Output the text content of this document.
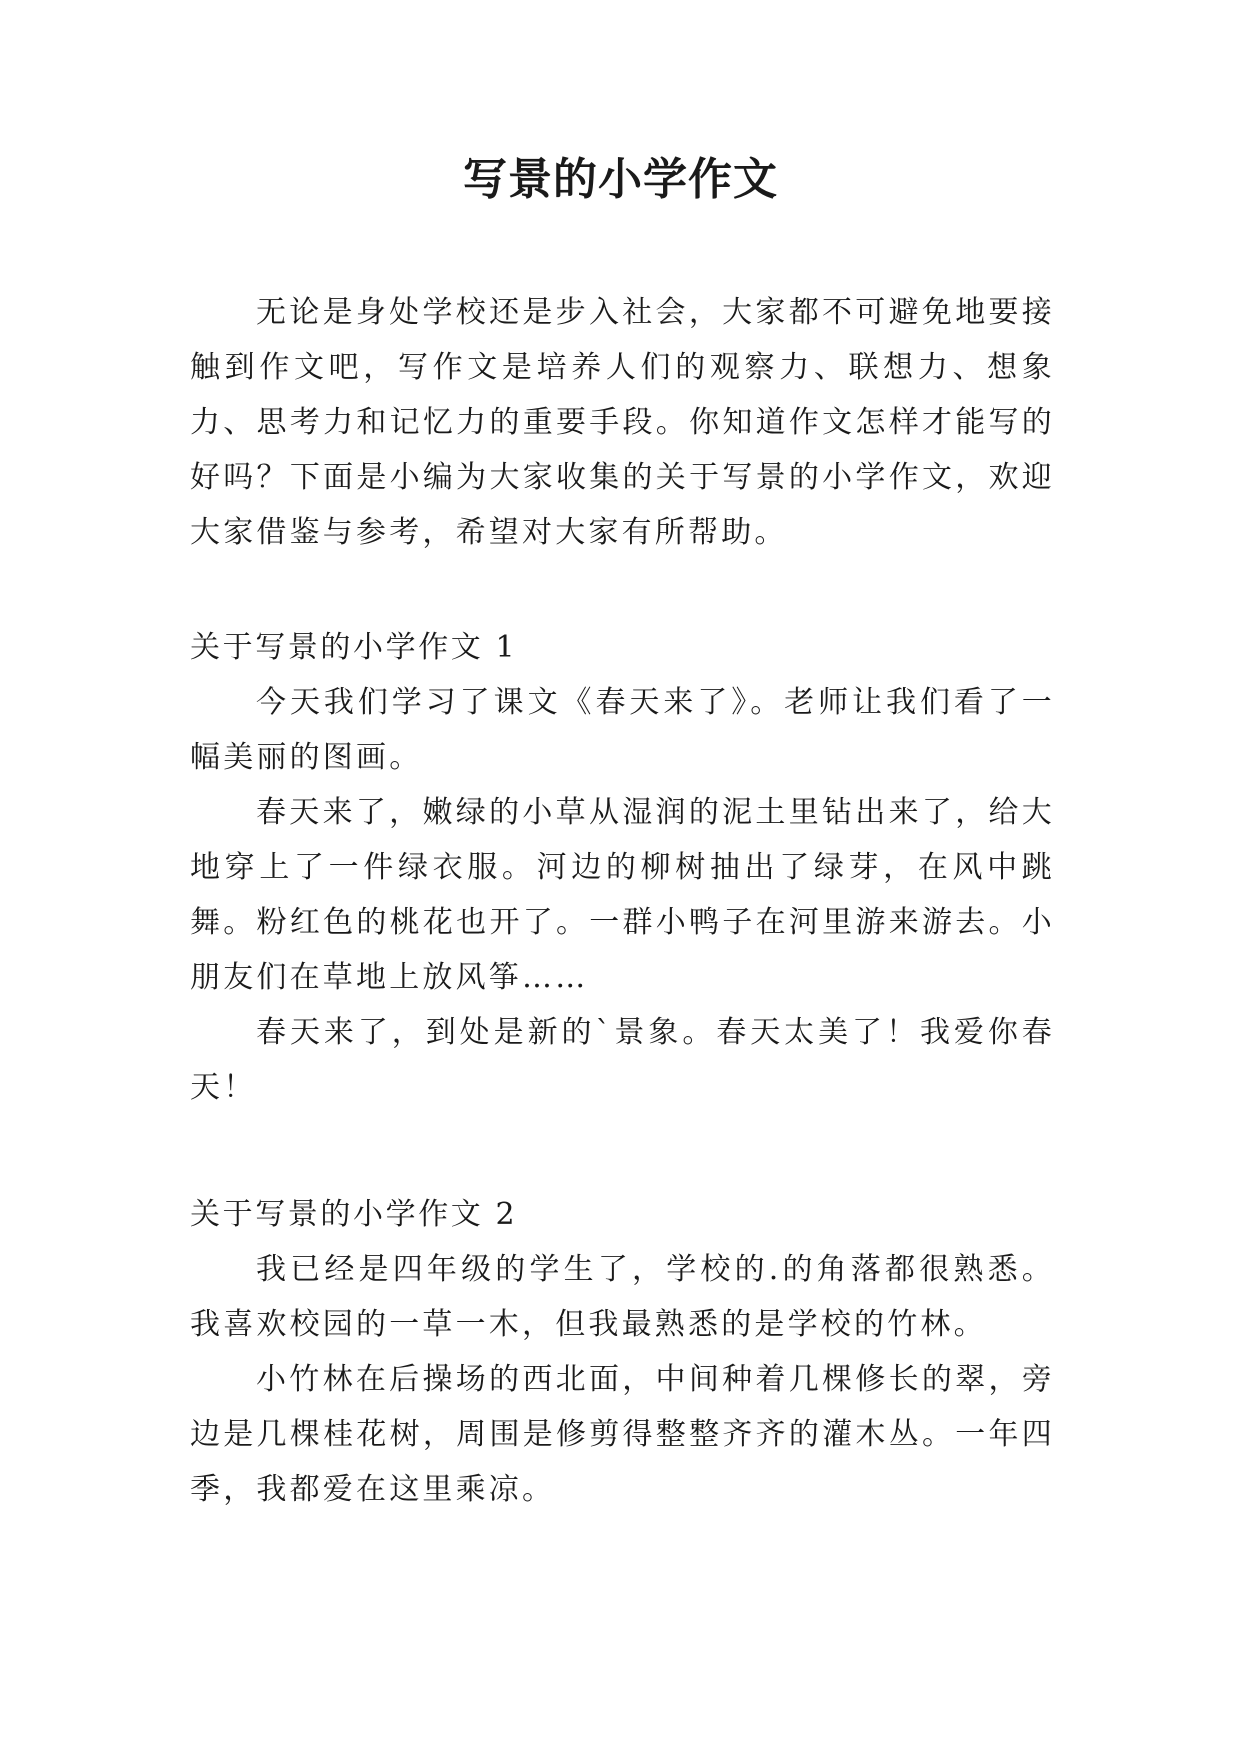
写景的小学作文

无论是身处学校还是步入社会，大家都不可避免地要接触到作文吧，写作文是培养人们的观察力、联想力、想象力、思考力和记忆力的重要手段。你知道作文怎样才能写的好吗？下面是小编为大家收集的关于写景的小学作文，欢迎大家借鉴与参考，希望对大家有所帮助。

关于写景的小学作文 1

今天我们学习了课文《春天来了》。老师让我们看了一幅美丽的图画。

春天来了，嫩绿的小草从湿润的泥土里钻出来了，给大地穿上了一件绿衣服。河边的柳树抽出了绿芽，在风中跳舞。粉红色的桃花也开了。一群小鸭子在河里游来游去。小朋友们在草地上放风筝……

春天来了，到处是新的`景象。春天太美了！我爱你春天！

关于写景的小学作文 2

我已经是四年级的学生了，学校的.的角落都很熟悉。我喜欢校园的一草一木，但我最熟悉的是学校的竹林。

小竹林在后操场的西北面，中间种着几棵修长的翠，旁边是几棵桂花树，周围是修剪得整整齐齐的灌木丛。一年四季，我都爱在这里乘凉。
